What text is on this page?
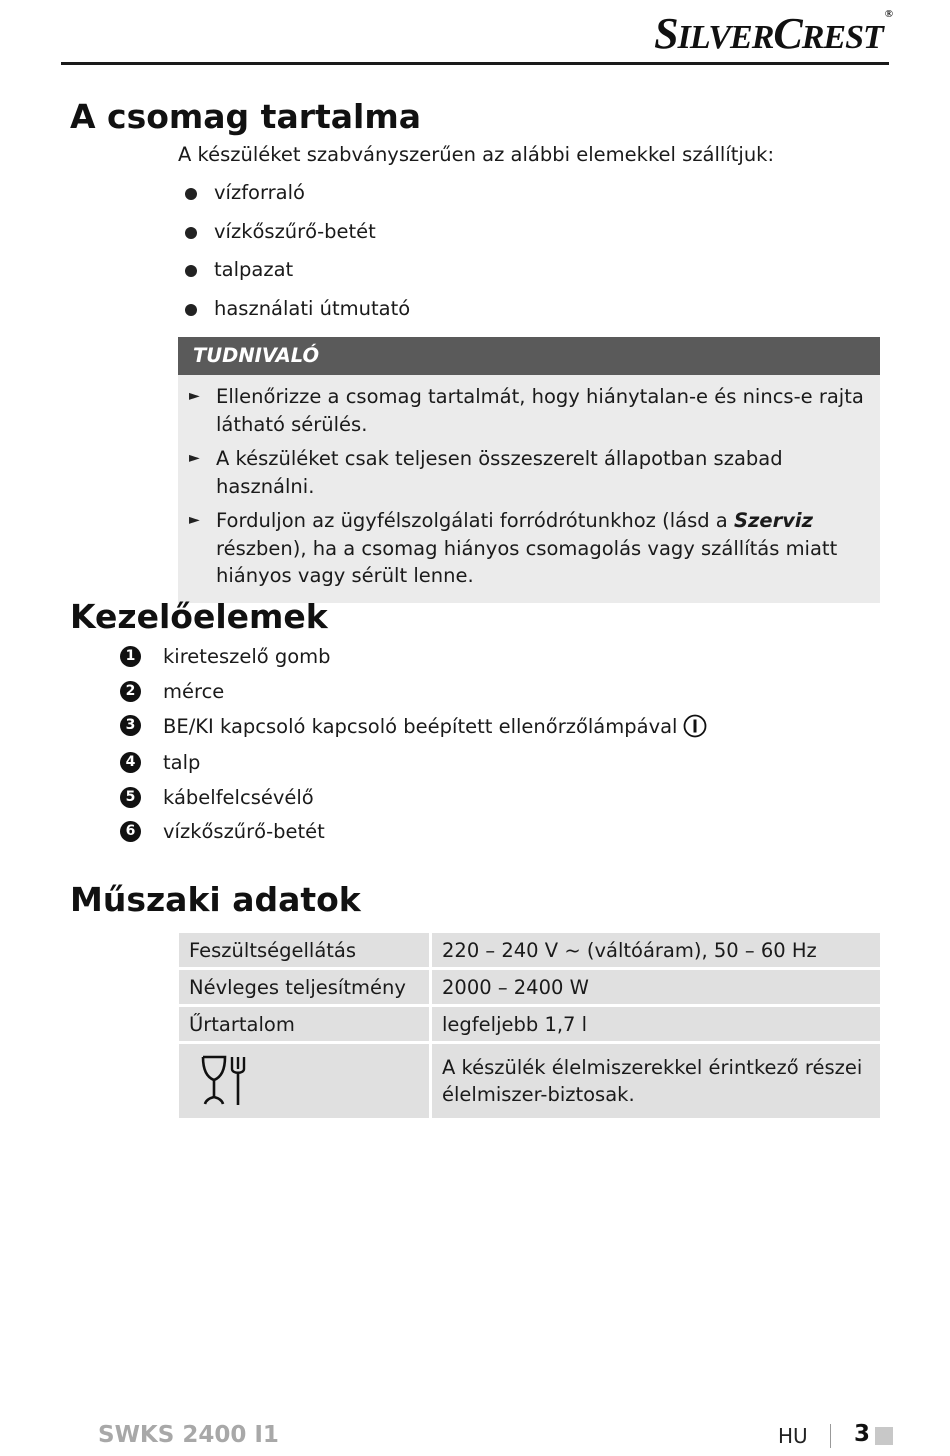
SILVERCREST®
A csomag tartalma
A készüléket szabványszerűen az alábbi elemekkel szállítjuk:
vízforraló
vízkőszűrő-betét
talpazat
használati útmutató
TUDNIVALÓ
► Ellenőrizze a csomag tartalmát, hogy hiánytalan-e és nincs-e rajta látható sérülés.
► A készüléket csak teljesen összeszerelt állapotban szabad használni.
► Forduljon az ügyfélszolgálati forródrótunkhoz (lásd a Szerviz részben), ha a csomag hiányos csomagolás vagy szállítás miatt hiányos vagy sérült lenne.
Kezelőelemek
1 kireteszelő gomb
2 mérce
3 BE/KI kapcsoló kapcsoló beépített ellenőrzőlámpával
4 talp
5 kábelfelcsévélő
6 vízkőszűrő-betét
Műszaki adatok
Feszültségellátás	220 – 240 V ~ (váltóáram), 50 – 60 Hz
Névleges teljesítmény	2000 – 2400 W
Űrtartalom	legfeljebb 1,7 l
	A készülék élelmiszerekkel érintkező részei élelmiszer-biztosak.
SWKS 2400 I1	HU 3
